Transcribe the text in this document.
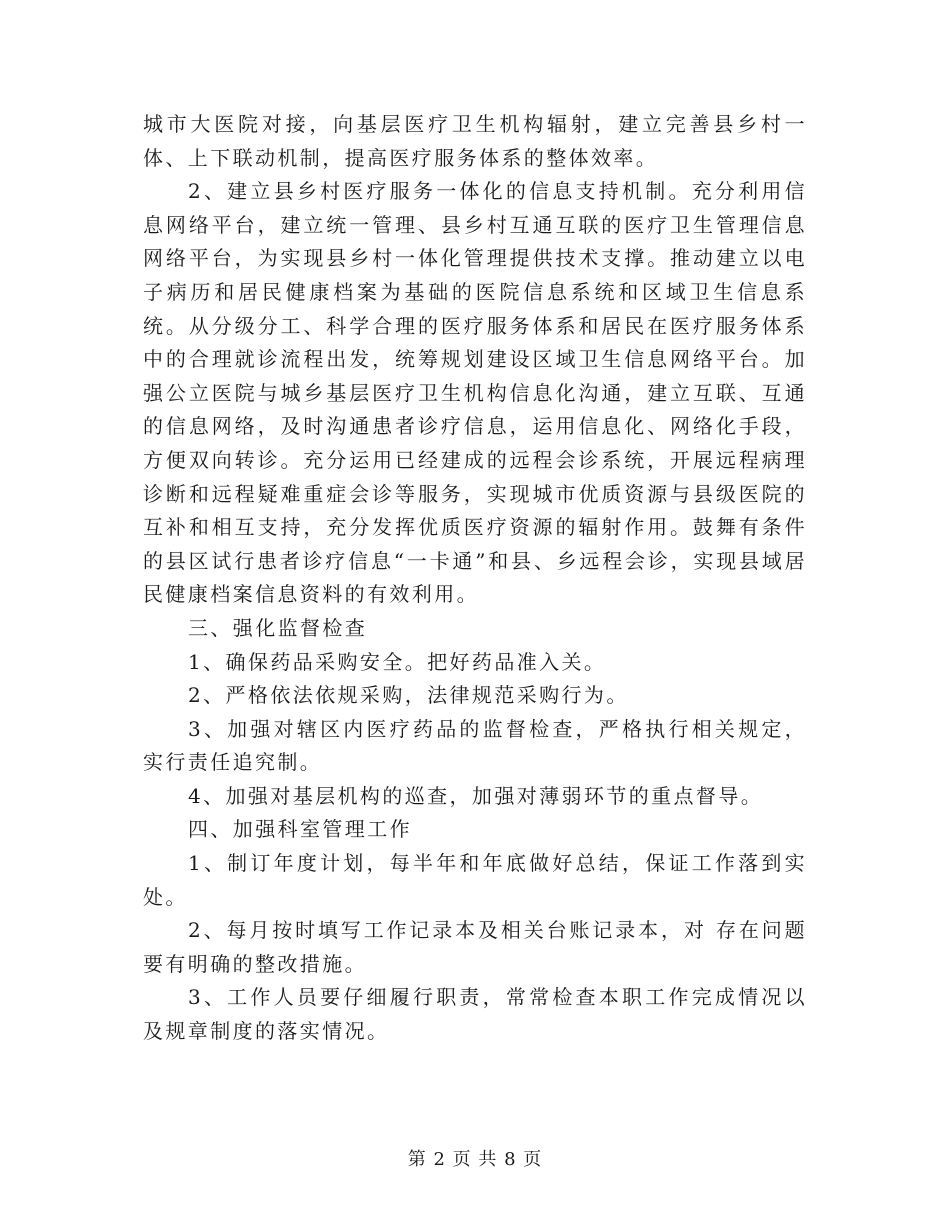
城市大医院对接，向基层医疗卫生机构辐射，建立完善县乡村一体、上下联动机制，提高医疗服务体系的整体效率。

2、建立县乡村医疗服务一体化的信息支持机制。充分利用信息网络平台，建立统一管理、县乡村互通互联的医疗卫生管理信息网络平台，为实现县乡村一体化管理提供技术支撑。推动建立以电子病历和居民健康档案为基础的医院信息系统和区域卫生信息系统。从分级分工、科学合理的医疗服务体系和居民在医疗服务体系中的合理就诊流程出发，统筹规划建设区域卫生信息网络平台。加强公立医院与城乡基层医疗卫生机构信息化沟通，建立互联、互通的信息网络，及时沟通患者诊疗信息，运用信息化、网络化手段，方便双向转诊。充分运用已经建成的远程会诊系统，开展远程病理诊断和远程疑难重症会诊等服务，实现城市优质资源与县级医院的互补和相互支持，充分发挥优质医疗资源的辐射作用。鼓舞有条件的县区试行患者诊疗信息“一卡通”和县、乡远程会诊，实现县域居民健康档案信息资料的有效利用。

三、强化监督检查

1、确保药品采购安全。把好药品准入关。

2、严格依法依规采购，法律规范采购行为。

3、加强对辖区内医疗药品的监督检查，严格执行相关规定，实行责任追究制。

4、加强对基层机构的巡查，加强对薄弱环节的重点督导。

四、加强科室管理工作

1、制订年度计划，每半年和年底做好总结，保证工作落到实处。

2、每月按时填写工作记录本及相关台账记录本，对 存在问题要有明确的整改措施。

3、工作人员要仔细履行职责，常常检查本职工作完成情况以及规章制度的落实情况。

第 2 页 共 8 页
